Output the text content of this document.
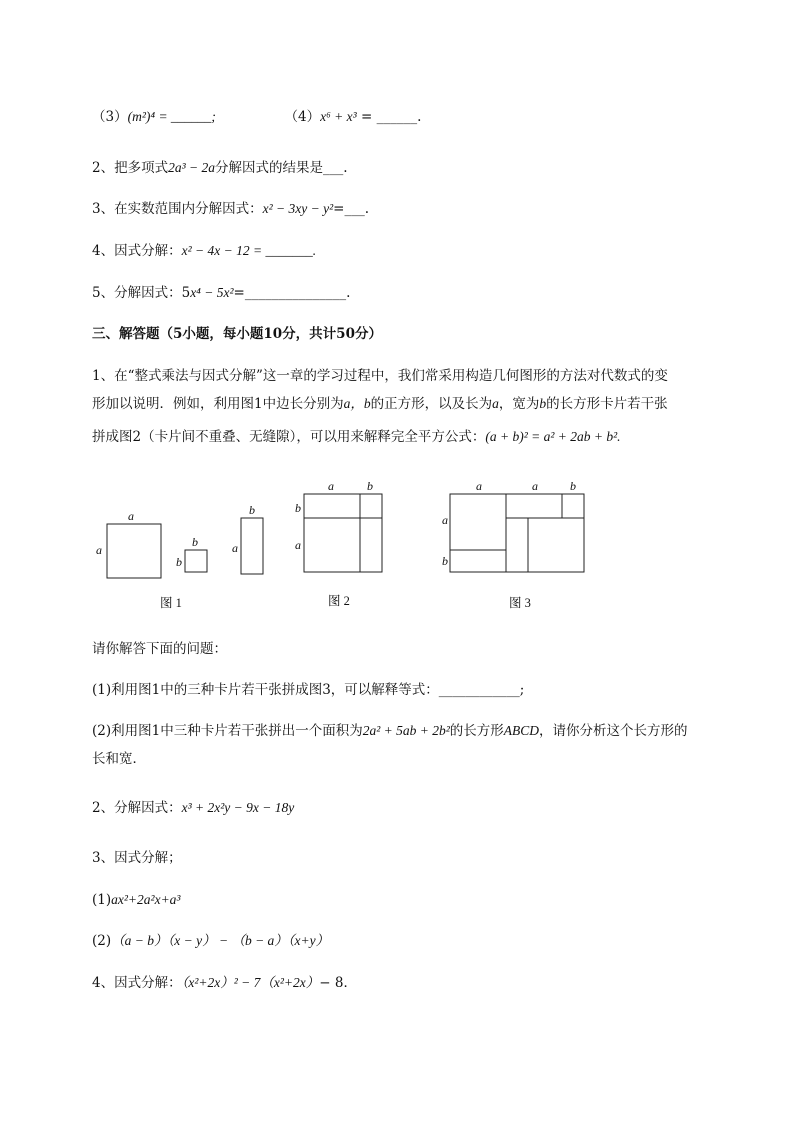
（3）(m²)⁴ = ______;	（4）x⁶ + x³ = ______.
2、把多项式2a³ − 2a分解因式的结果是___.
3、在实数范围内分解因式：x² − 3xy − y²=___.
4、因式分解：x² − 4x − 12 = _______.
5、分解因式：5x⁴ − 5x²=_______________.
三、解答题（5小题，每小题10分，共计50分）
1、在“整式乘法与因式分解”这一章的学习过程中，我们常采用构造几何图形的方法对代数式的变
形加以说明．例如，利用图1中边长分别为a，b的正方形，以及长为a，宽为b的长方形卡片若干张
拼成图2（卡片间不重叠、无缝隙），可以用来解释完全平方公式：(a + b)² = a² + 2ab + b².
a
a
b
b
b
a
a	b
b
a
a	a	b
a
b
图 1	图 2	图 3
请你解答下面的问题：
(1)利用图1中的三种卡片若干张拼成图3，可以解释等式：____________;
(2)利用图1中三种卡片若干张拼出一个面积为2a² + 5ab + 2b²的长方形ABCD，请你分析这个长方形的
长和宽．
2、分解因式：x³ + 2x²y − 9x − 18y
3、因式分解；
(1)ax²+2a²x+a³
(2)（a − b）（x − y） − （b − a）（x+y）
4、因式分解：（x²+2x）² − 7（x²+2x）− 8．
